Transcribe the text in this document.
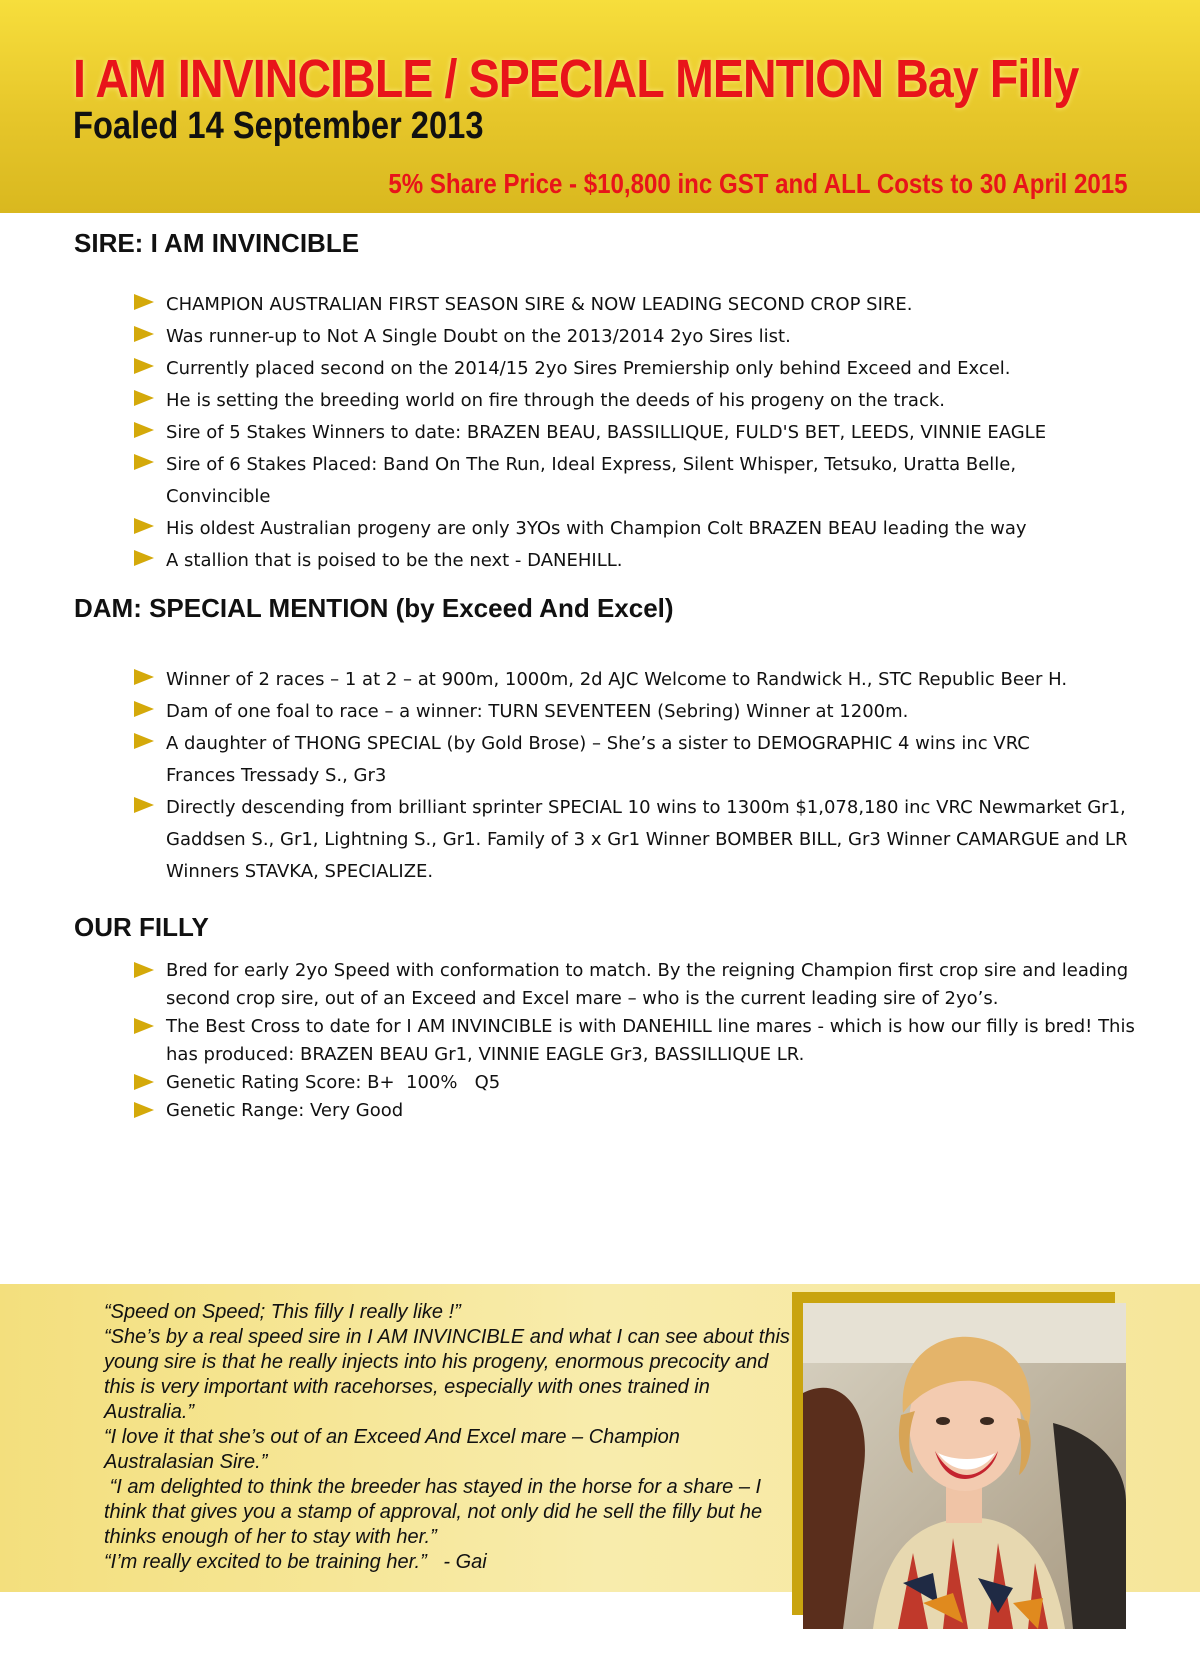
I AM INVINCIBLE / SPECIAL MENTION Bay Filly
Foaled 14 September 2013

5% Share Price - $10,800 inc GST and ALL Costs to 30 April 2015

SIRE: I AM INVINCIBLE
CHAMPION AUSTRALIAN FIRST SEASON SIRE & NOW LEADING SECOND CROP SIRE.
Was runner-up to Not A Single Doubt on the 2013/2014 2yo Sires list.
Currently placed second on the 2014/15 2yo Sires Premiership only behind Exceed and Excel.
He is setting the breeding world on fire through the deeds of his progeny on the track.
Sire of 5 Stakes Winners to date: BRAZEN BEAU, BASSILLIQUE, FULD'S BET, LEEDS, VINNIE EAGLE
Sire of 6 Stakes Placed: Band On The Run, Ideal Express, Silent Whisper, Tetsuko, Uratta Belle, Convincible
His oldest Australian progeny are only 3YOs with Champion Colt BRAZEN BEAU leading the way
A stallion that is poised to be the next - DANEHILL.
DAM: SPECIAL MENTION (by Exceed And Excel)
Winner of 2 races – 1 at 2 – at 900m, 1000m, 2d AJC Welcome to Randwick H., STC Republic Beer H.
Dam of one foal to race – a winner: TURN SEVENTEEN (Sebring) Winner at 1200m.
A daughter of THONG SPECIAL (by Gold Brose) – She’s a sister to DEMOGRAPHIC 4 wins inc VRC Frances Tressady S., Gr3
Directly descending from brilliant sprinter SPECIAL 10 wins to 1300m $1,078,180 inc VRC Newmarket Gr1, Gaddsen S., Gr1, Lightning S., Gr1. Family of 3 x Gr1 Winner BOMBER BILL, Gr3 Winner CAMARGUE and LR Winners STAVKA, SPECIALIZE.
OUR FILLY
Bred for early 2yo Speed with conformation to match. By the reigning Champion first crop sire and leading second crop sire, out of an Exceed and Excel mare – who is the current leading sire of 2yo’s.
The Best Cross to date for I AM INVINCIBLE is with DANEHILL line mares - which is how our filly is bred! This has produced: BRAZEN BEAU Gr1, VINNIE EAGLE Gr3, BASSILLIQUE LR.
Genetic Rating Score: B+  100%   Q5
Genetic Range: Very Good

“Speed on Speed; This filly I really like !”

“She’s by a real speed sire in I AM INVINCIBLE and what I can see about this young sire is that he really injects into his progeny, enormous precocity and this is very important with racehorses, especially with ones trained in Australia.”

“I love it that she’s out of an Exceed And Excel mare – Champion Australasian Sire.”

“I am delighted to think the breeder has stayed in the horse for a share – I think that gives you a stamp of approval, not only did he sell the filly but he thinks enough of her to stay with her.”

“I’m really excited to be training her.”   - Gai
